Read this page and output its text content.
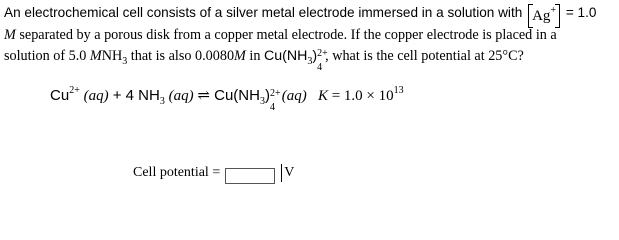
An electrochemical cell consists of a silver metal electrode immersed in a solution with Ag+ = 1.0
M separated by a porous disk from a copper metal electrode. If the copper electrode is placed in a
solution of 5.0 $MNH_3$ that is also 0.0080M in $Cu(NH_3)$ 2+
4
, what is the cell potential at 25°C?
$Cu^{2+}$ (aq) + 4 $NH_3$ (aq) ⇌ $Cu(NH_3)$ 2+
4
(aq) $K = 1.0 \times 10^{13}$
Cell potential =	V
